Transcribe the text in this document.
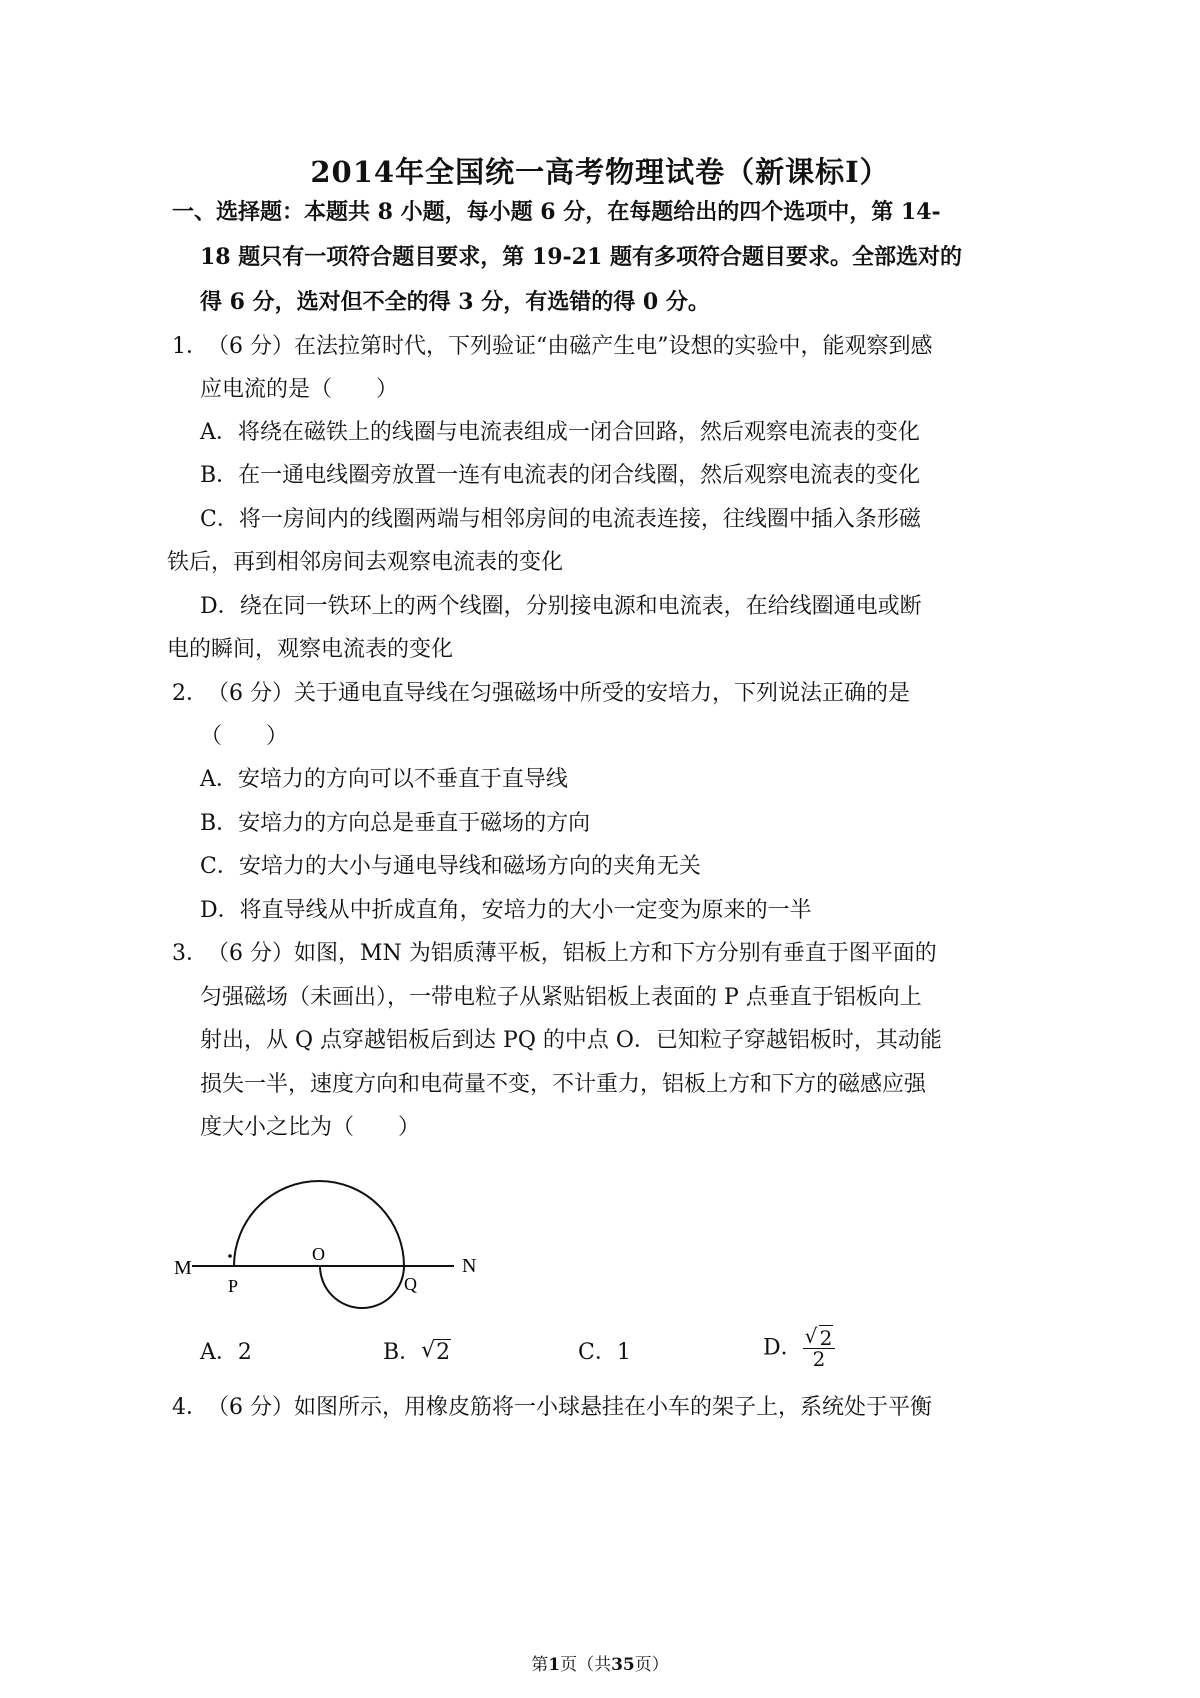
2014年全国统一高考物理试卷（新课标I）
一、选择题：本题共 8 小题，每小题 6 分，在每题给出的四个选项中，第 14-
18 题只有一项符合题目要求，第 19-21 题有多项符合题目要求。全部选对的
得 6 分，选对但不全的得 3 分，有选错的得 0 分。
1． （6 分）在法拉第时代，下列验证“由磁产生电”设想的实验中，能观察到感
应电流的是（　　）
A．将绕在磁铁上的线圈与电流表组成一闭合回路，然后观察电流表的变化
B．在一通电线圈旁放置一连有电流表的闭合线圈，然后观察电流表的变化
C．将一房间内的线圈两端与相邻房间的电流表连接，往线圈中插入条形磁
铁后，再到相邻房间去观察电流表的变化
D．绕在同一铁环上的两个线圈，分别接电源和电流表，在给线圈通电或断
电的瞬间，观察电流表的变化
2． （6 分）关于通电直导线在匀强磁场中所受的安培力，下列说法正确的是
（　　）
A．安培力的方向可以不垂直于直导线
B．安培力的方向总是垂直于磁场的方向
C．安培力的大小与通电导线和磁场方向的夹角无关
D．将直导线从中折成直角，安培力的大小一定变为原来的一半
3． （6 分）如图，MN 为铝质薄平板，铝板上方和下方分别有垂直于图平面的
匀强磁场（未画出），一带电粒子从紧贴铝板上表面的 P 点垂直于铝板向上
射出，从 Q 点穿越铝板后到达 PQ 的中点 O．已知粒子穿越铝板时，其动能
损失一半，速度方向和电荷量不变，不计重力，铝板上方和下方的磁感应强
度大小之比为（　　）
M	N
P	Q
O
A．2	B． √ 2	C．1	D． $\frac{√ 2}{2}$
4． （6 分）如图所示，用橡皮筋将一小球悬挂在小车的架子上，系统处于平衡
第1页（共35页）
